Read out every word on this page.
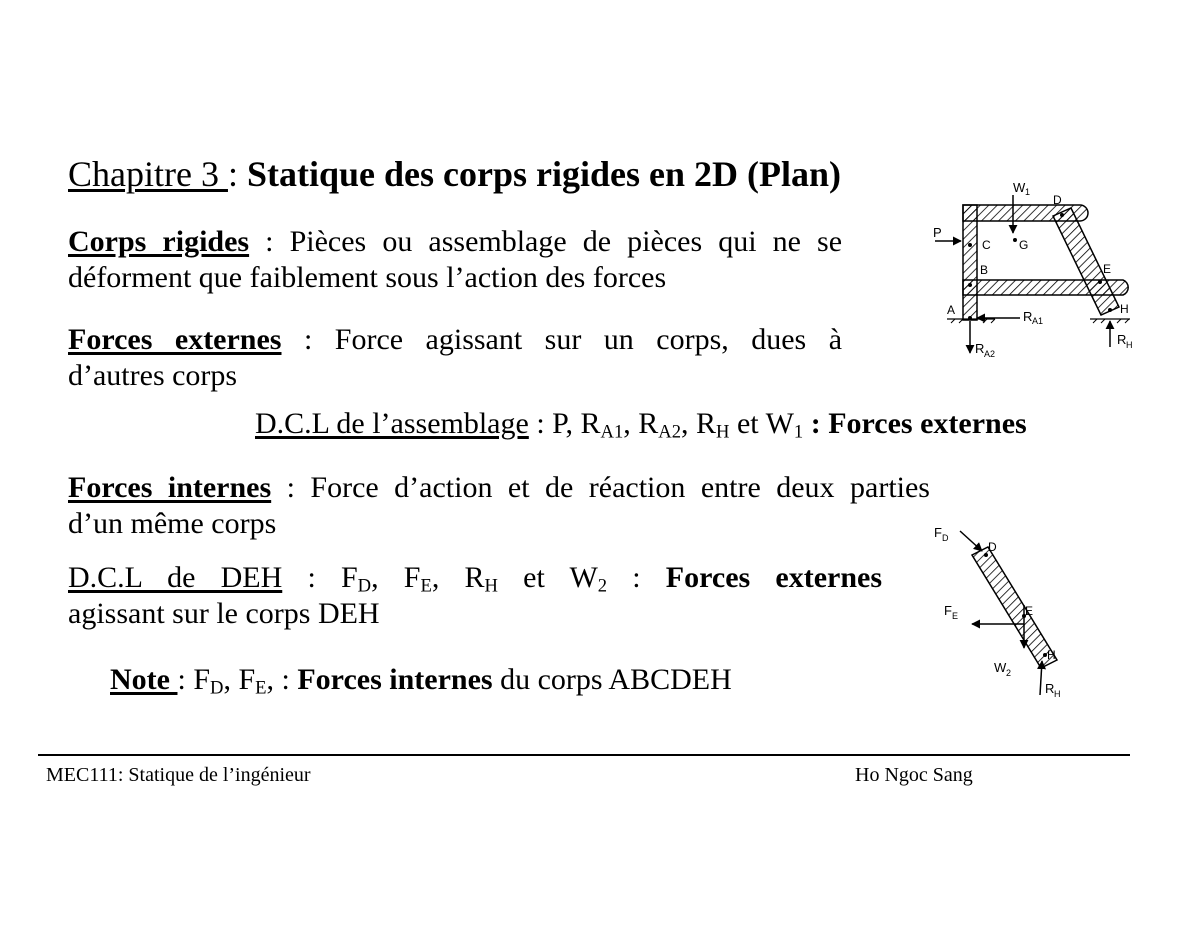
Chapitre 3 : Statique des corps rigides en 2D (Plan)
Corps rigides : Pièces ou assemblage de pièces qui ne se
déforment que faiblement sous l’action des forces
Forces externes : Force agissant sur un corps, dues à
d’autres corps
D.C.L de l’assemblage : P, $R_{A1}$, $R_{A2}$, $R_H$ et $W_1$ : Forces externes
Forces internes : Force d’action et de réaction entre deux parties
d’un même corps
D.C.L de DEH : $F_D$, $F_E$, $R_H$ et $W_2$ : Forces externes
agissant sur le corps DEH
Note : $F_D$, $F_E$, : Forces internes du corps ABCDEH
W 1
D
P
C G
B	E
A	R A1
H
R A2
R H
F D
D
F E	E
W 2
H
R H
MEC111: Statique de l’ingénieur	Ho Ngoc Sang
